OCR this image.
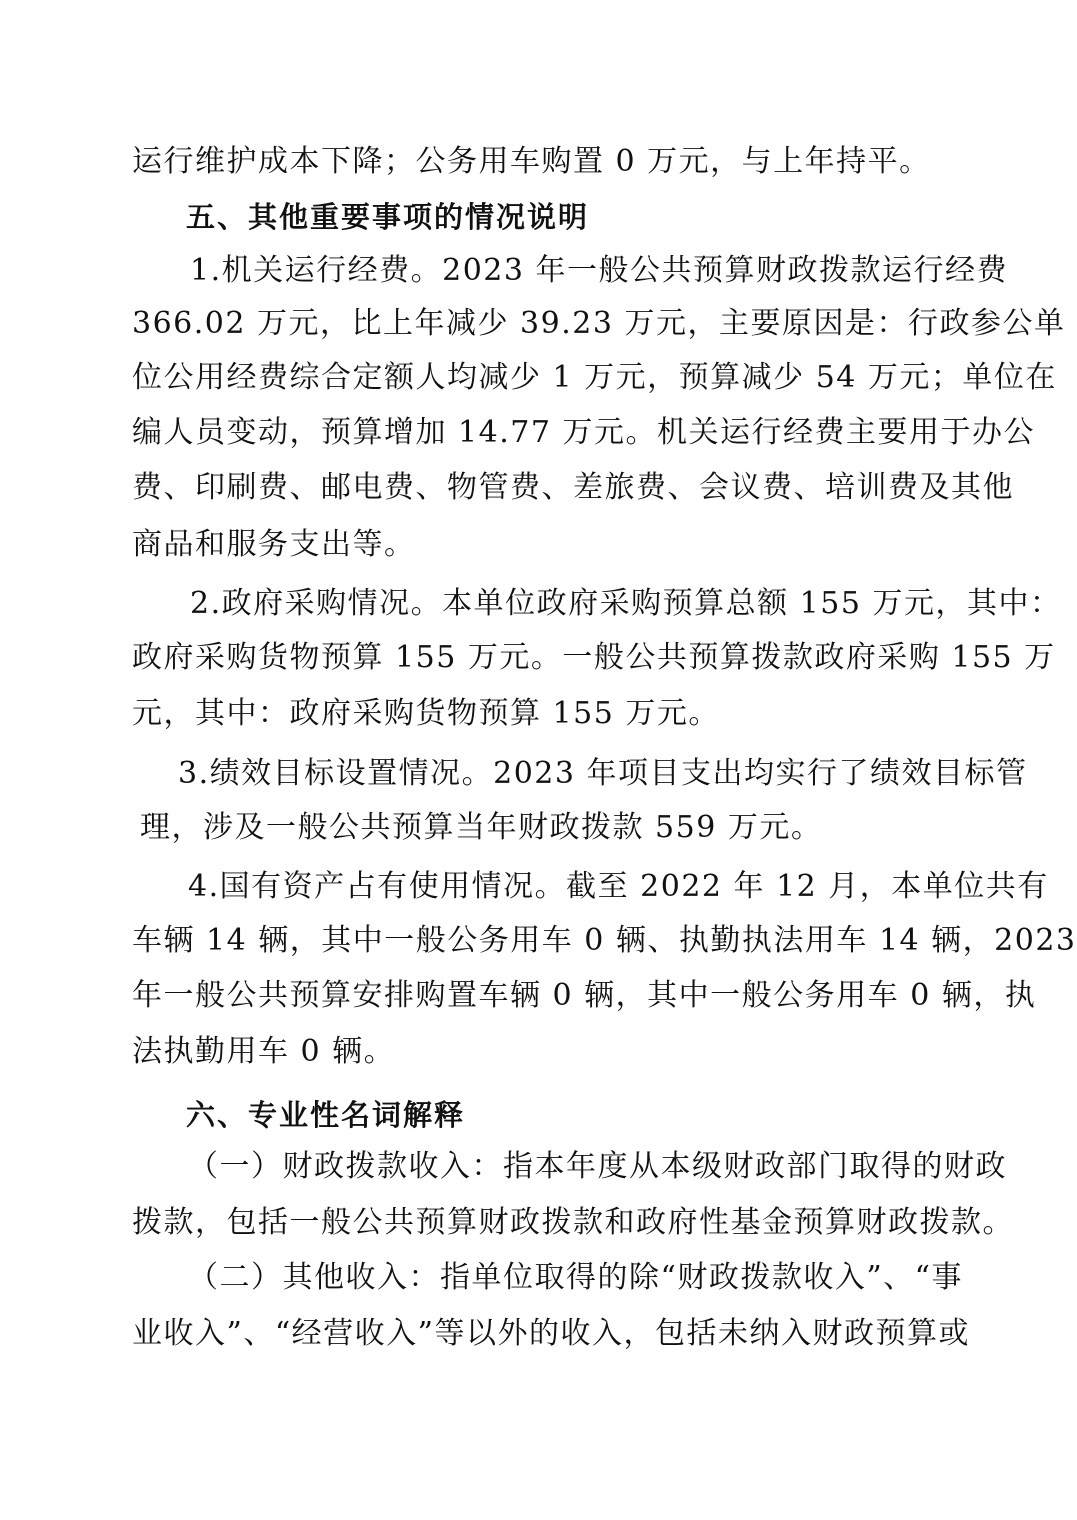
运行维护成本下降；公务用车购置 0 万元，与上年持平。
五、其他重要事项的情况说明
1.机关运行经费。2023 年一般公共预算财政拨款运行经费
366.02 万元，比上年减少 39.23 万元，主要原因是：行政参公单
位公用经费综合定额人均减少 1 万元，预算减少 54 万元；单位在
编人员变动，预算增加 14.77 万元。机关运行经费主要用于办公
费、印刷费、邮电费、物管费、差旅费、会议费、培训费及其他
商品和服务支出等。
2.政府采购情况。本单位政府采购预算总额 155 万元，其中：
政府采购货物预算 155 万元。一般公共预算拨款政府采购 155 万
元，其中：政府采购货物预算 155 万元。
3.绩效目标设置情况。2023 年项目支出均实行了绩效目标管
理，涉及一般公共预算当年财政拨款 559 万元。
4.国有资产占有使用情况。截至 2022 年 12 月，本单位共有
车辆 14 辆，其中一般公务用车 0 辆、执勤执法用车 14 辆，2023
年一般公共预算安排购置车辆 0 辆，其中一般公务用车 0 辆，执
法执勤用车 0 辆。
六、专业性名词解释
（一）财政拨款收入：指本年度从本级财政部门取得的财政
拨款，包括一般公共预算财政拨款和政府性基金预算财政拨款。
（二）其他收入：指单位取得的除“财政拨款收入”、“事
业收入”、“经营收入”等以外的收入，包括未纳入财政预算或
